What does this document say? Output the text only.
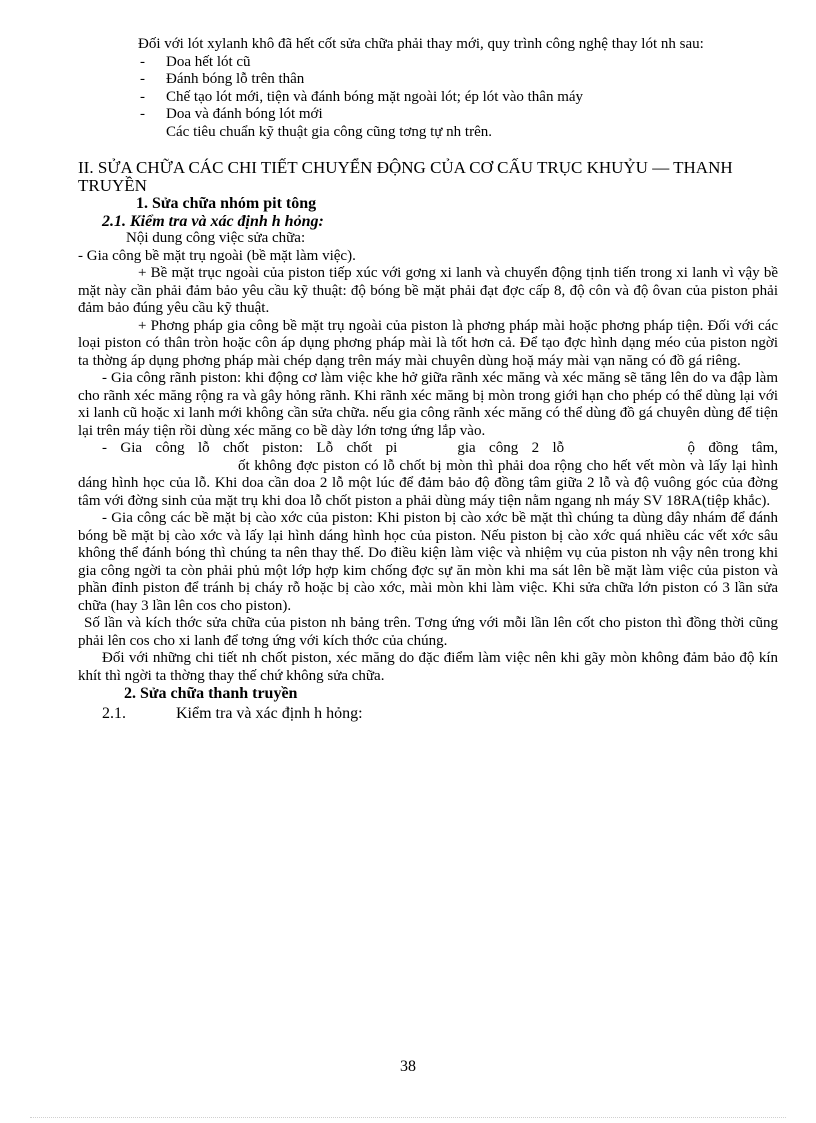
Đối với lót xylanh khô đã hết cốt sửa chữa phải thay mới, quy trình công nghệ thay lót nh sau:

- Doa hết lót cũ
- Đánh bóng lỗ trên thân
- Chế tạo lót mới, tiện và đánh bóng mặt ngoài lót; ép lót vào thân máy
- Doa và đánh bóng lót mới

Các tiêu chuẩn kỹ thuật gia công cũng tơng tự nh trên.

II. SỬA CHỮA CÁC CHI TIẾT CHUYỂN ĐỘNG CỦA CƠ CẤU TRỤC KHUỶU — THANH TRUYỀN

1. Sửa chữa nhóm pit tông

2.1. Kiểm tra và xác định h hỏng:

Nội dung công việc sửa chữa:

- Gia công bề mặt trụ ngoài (bề mặt làm việc).

+ Bề mặt trục ngoài của piston tiếp xúc với gơng xi lanh và chuyển động tịnh tiến trong xi lanh vì vậy bề mặt này cần phải đảm bảo yêu cầu kỹ thuật: độ bóng bề mặt phải đạt đợc cấp 8, độ côn và độ ôvan của piston phải đảm bảo đúng yêu cầu kỹ thuật.

+ Phơng pháp gia công bề mặt trụ ngoài của piston là phơng pháp mài hoặc phơng pháp tiện. Đối với các loại piston có thân tròn hoặc côn áp dụng phơng pháp mài là tốt hơn cả. Để tạo đợc hình dạng méo của piston ngời ta thờng áp dụng phơng pháp mài chép dạng trên máy mài chuyên dùng hoặ máy mài vạn năng có đồ gá riêng.

- Gia công rãnh piston: khi động cơ làm việc khe hở giữa rãnh xéc măng và xéc măng sẽ tăng lên do va đập làm cho rãnh xéc măng rộng ra và gây hỏng rãnh. Khi rãnh xéc măng bị mòn trong giới hạn cho phép có thể dùng lại với xi lanh cũ hoặc xi lanh mới không cần sửa chữa. nếu gia công rãnh xéc măng có thể dùng đồ gá chuyên dùng để tiện lại trên máy tiện rồi dùng xéc măng co bề dày lớn tơng ứng lắp vào.

- Gia công lỗ chốt piston: Lỗ chốt pi	gia công 2 lỗ	ộ đồng tâm,ốt không đợc piston có lỗ chốt bị mòn thì phải doa rộng cho hết vết mòn và lấy lại hình dáng hình học của lỗ. Khi doa cần doa 2 lỗ một lúc để đảm bảo độ đồng tâm giữa 2 lỗ và độ vuông góc của đờng tâm với đờng sinh của mặt trụ khi doa lỗ chốt piston a phải dùng máy tiện nằm ngang nh máy SV 18RA(tiệp khắc).

- Gia công các bề mặt bị cào xớc của piston: Khi piston bị cào xớc bề mặt thì chúng ta dùng dây nhám để đánh bóng bề mặt bị cào xớc và lấy lại hình dáng hình học của piston. Nếu piston bị cào xớc quá nhiều các vết xớc sâu không thể đánh bóng thì chúng ta nên thay thế. Do điều kiện làm việc và nhiệm vụ của piston nh vậy nên trong khi gia công ngời ta còn phải phủ một lớp hợp kim chống đợc sự ăn mòn khi ma sát lên bề mặt làm việc của piston và phần đỉnh piston để tránh bị cháy rỗ hoặc bị cào xớc, mài mòn khi làm việc. Khi sửa chữa lớn piston có 3 lần sửa chữa (hay 3 lần lên cos cho piston).

Số lần và kích thớc sửa chữa của piston nh bảng trên. Tơng ứng với mỗi lần lên cốt cho piston thì đồng thời cũng phải lên cos cho xi lanh để tơng ứng với kích thớc của chúng.

Đối với những chi tiết nh chốt piston, xéc măng do đặc điểm làm việc nên khi gãy mòn không đảm bảo độ kín khít thì ngời ta thờng thay thế chứ không sửa chữa.

2. Sửa chữa thanh truyền

2.1.	Kiểm tra và xác định h hỏng:

38
